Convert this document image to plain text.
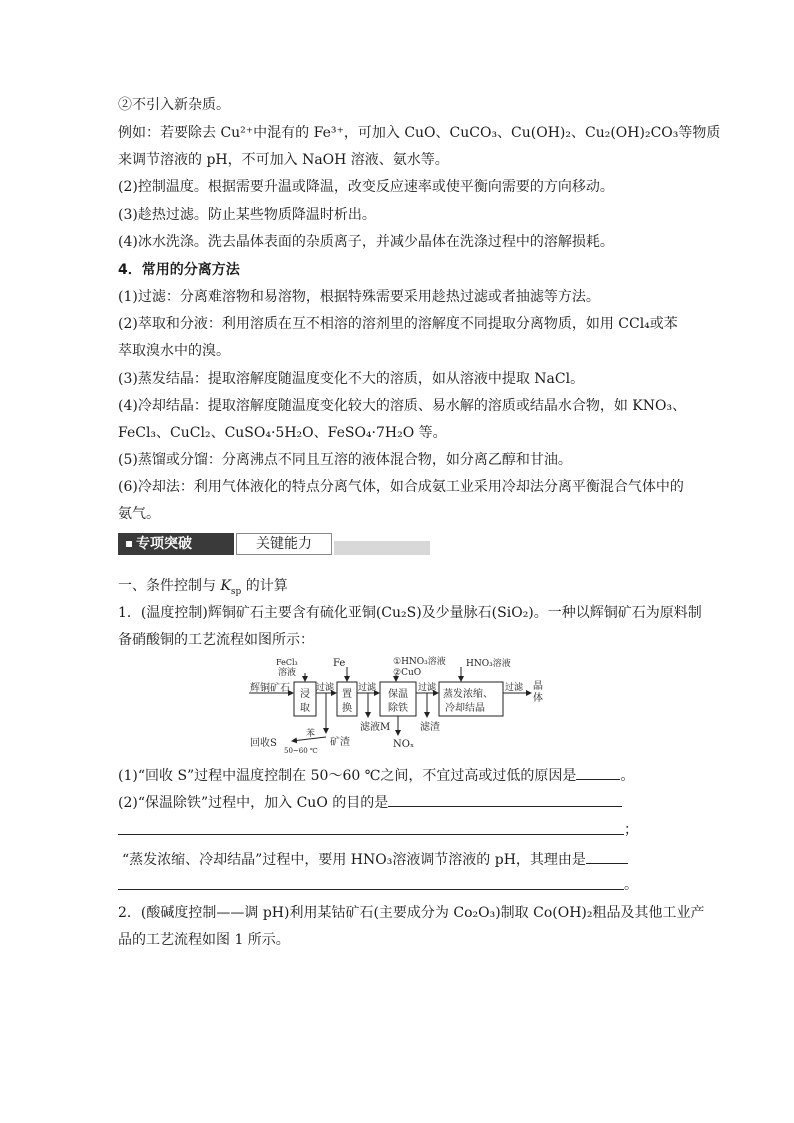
②不引入新杂质。
例如：若要除去 Cu²⁺中混有的 Fe³⁺，可加入 CuO、CuCO₃、Cu(OH)₂、Cu₂(OH)₂CO₃等物质
来调节溶液的 pH，不可加入 NaOH 溶液、氨水等。
(2)控制温度。根据需要升温或降温，改变反应速率或使平衡向需要的方向移动。
(3)趁热过滤。防止某些物质降温时析出。
(4)冰水洗涤。洗去晶体表面的杂质离子，并减少晶体在洗涤过程中的溶解损耗。
4．常用的分离方法
(1)过滤：分离难溶物和易溶物，根据特殊需要采用趁热过滤或者抽滤等方法。
(2)萃取和分液：利用溶质在互不相溶的溶剂里的溶解度不同提取分离物质，如用 CCl₄或苯
萃取溴水中的溴。
(3)蒸发结晶：提取溶解度随温度变化不大的溶质，如从溶液中提取 NaCl。
(4)冷却结晶：提取溶解度随温度变化较大的溶质、易水解的溶质或结晶水合物，如 KNO₃、
FeCl₃、CuCl₂、CuSO₄·5H₂O、FeSO₄·7H₂O 等。
(5)蒸馏或分馏：分离沸点不同且互溶的液体混合物，如分离乙醇和甘油。
(6)冷却法：利用气体液化的特点分离气体，如合成氨工业采用冷却法分离平衡混合气体中的
氨气。
专项突破	关键能力
一、条件控制与 $K_{sp}$ 的计算
1．(温度控制)辉铜矿石主要含有硫化亚铜(Cu₂S)及少量脉石(SiO₂)。一种以辉铜矿石为原料制
备硝酸铜的工艺流程如图所示：
辉铜矿石
FeCl₃
溶液
Fe	①HNO₃溶液
②CuO
HNO₃溶液
浸
取
置
换
保温
除铁
蒸发浓缩、
冷却结晶
过滤	过滤	过滤	过滤 晶
体
苯
回收S
50~60 ℃
矿渣
滤液M
NOₓ
滤渣
(1)“回收 S”过程中温度控制在 50～60 ℃之间，不宜过高或过低的原因是	。
(2)“保温除铁”过程中，加入 CuO 的目的是
；
“蒸发浓缩、冷却结晶”过程中，要用 HNO₃溶液调节溶液的 pH，其理由是
。
2．(酸碱度控制——调 pH)利用某钴矿石(主要成分为 Co₂O₃)制取 Co(OH)₂粗品及其他工业产
品的工艺流程如图 1 所示。
